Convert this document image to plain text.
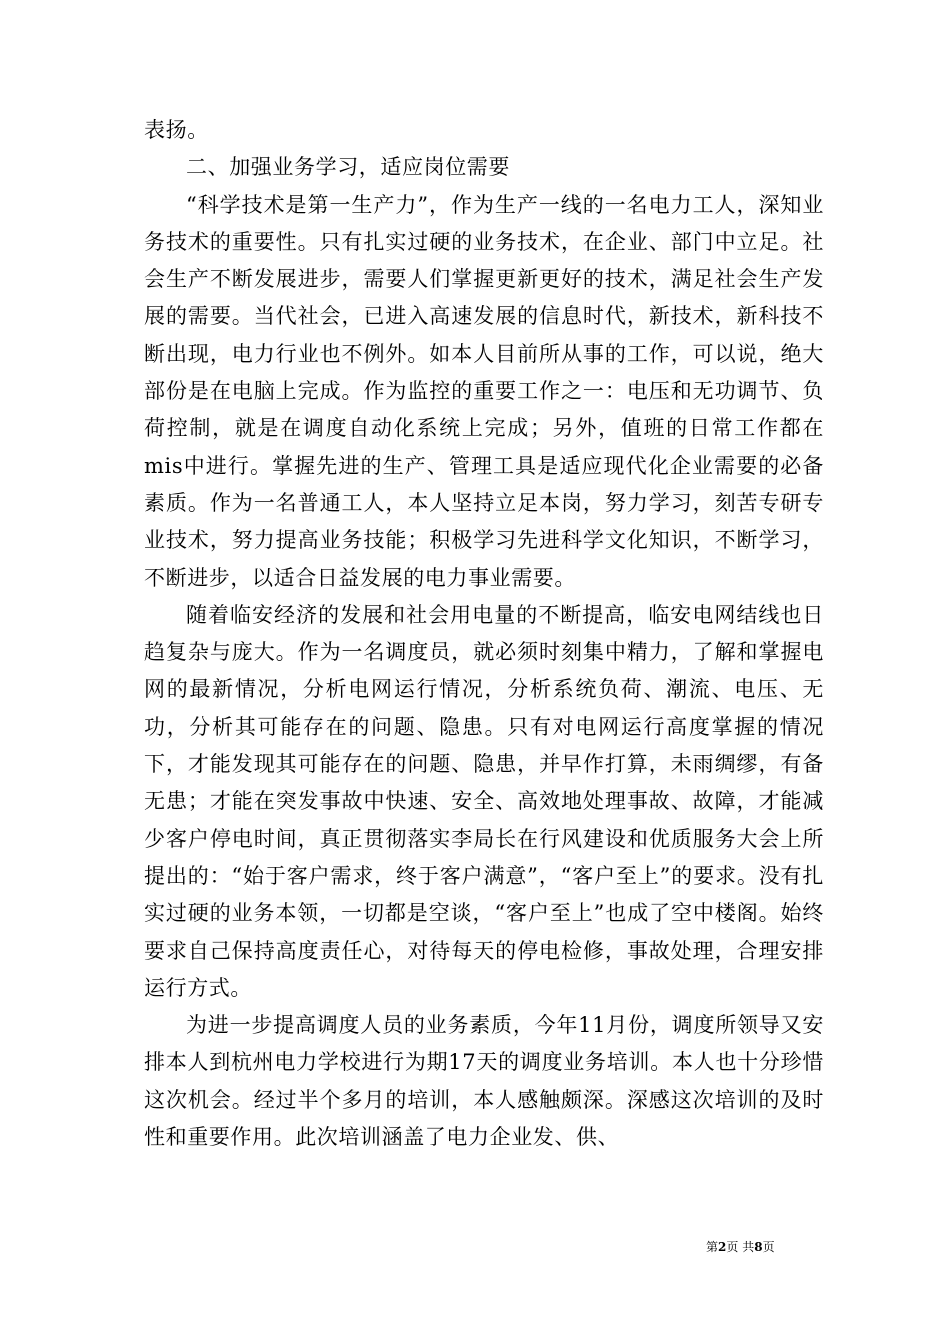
表扬。

二、加强业务学习，适应岗位需要

“科学技术是第一生产力”，作为生产一线的一名电力工人，深知业务技术的重要性。只有扎实过硬的业务技术，在企业、部门中立足。社会生产不断发展进步，需要人们掌握更新更好的技术，满足社会生产发展的需要。当代社会，已进入高速发展的信息时代，新技术，新科技不断出现，电力行业也不例外。如本人目前所从事的工作，可以说，绝大部份是在电脑上完成。作为监控的重要工作之一：电压和无功调节、负荷控制，就是在调度自动化系统上完成；另外，值班的日常工作都在mis中进行。掌握先进的生产、管理工具是适应现代化企业需要的必备素质。作为一名普通工人，本人坚持立足本岗，努力学习，刻苦专研专业技术，努力提高业务技能；积极学习先进科学文化知识，不断学习，不断进步，以适合日益发展的电力事业需要。

随着临安经济的发展和社会用电量的不断提高，临安电网结线也日趋复杂与庞大。作为一名调度员，就必须时刻集中精力，了解和掌握电网的最新情况，分析电网运行情况，分析系统负荷、潮流、电压、无功，分析其可能存在的问题、隐患。只有对电网运行高度掌握的情况下，才能发现其可能存在的问题、隐患，并早作打算，未雨绸缪，有备无患；才能在突发事故中快速、安全、高效地处理事故、故障，才能减少客户停电时间，真正贯彻落实李局长在行风建设和优质服务大会上所提出的：“始于客户需求，终于客户满意”，“客户至上”的要求。没有扎实过硬的业务本领，一切都是空谈，“客户至上”也成了空中楼阁。始终要求自己保持高度责任心，对待每天的停电检修，事故处理，合理安排运行方式。

为进一步提高调度人员的业务素质，今年11月份，调度所领导又安排本人到杭州电力学校进行为期17天的调度业务培训。本人也十分珍惜这次机会。经过半个多月的培训，本人感触颇深。深感这次培训的及时性和重要作用。此次培训涵盖了电力企业发、供、

第2页 共8页
